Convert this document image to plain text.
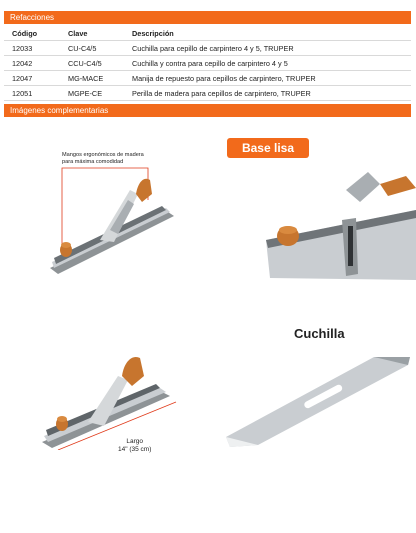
Refacciones
Código	Clave	Descripción
12033	CU-C4/5	Cuchilla para cepillo de carpintero 4 y 5, TRUPER
12042	CCU-C4/5	Cuchilla y contra para cepillo de carpintero 4 y 5
12047	MG-MACE	Manija de repuesto para cepillos de carpintero, TRUPER
12051	MGPE-CE	Perilla de madera para cepillos de carpintero, TRUPER
Imágenes complementarias
Mangos ergonómicos de madera
para máxima comodidad
Base lisa
Largo
14" (35 cm)
Cuchilla
